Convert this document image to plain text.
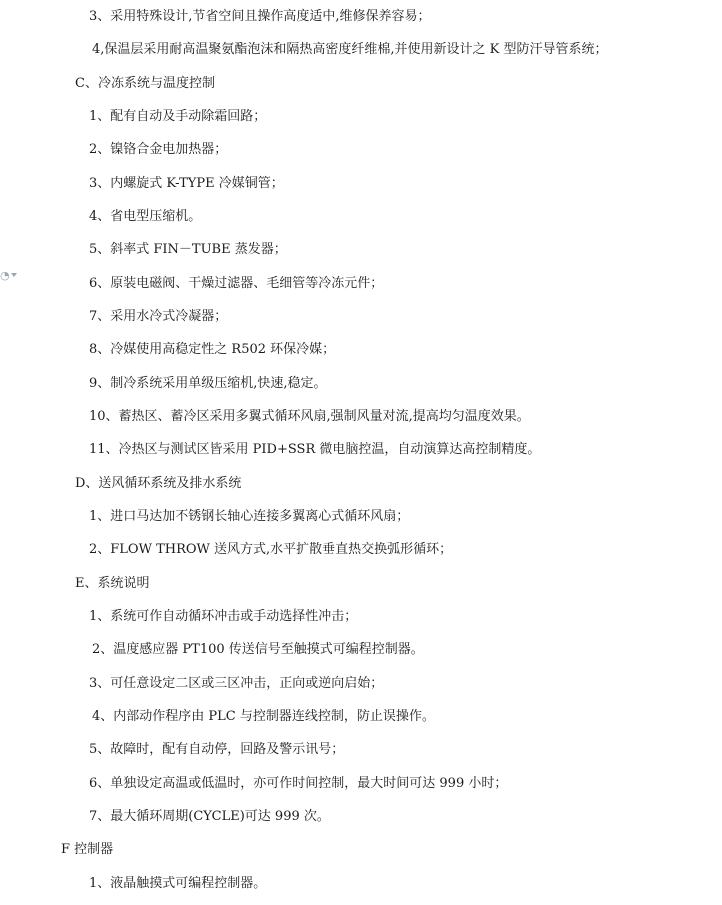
3、采用特殊设计,节省空间且操作高度适中,维修保养容易；
4,保温层采用耐高温聚氨酯泡沫和隔热高密度纤维棉,并使用新设计之 K 型防汗导管系统；
C、冷冻系统与温度控制
1、配有自动及手动除霜回路；
2、镍铬合金电加热器；
3、内螺旋式 K-TYPE 冷媒铜管；
4、省电型压缩机。
5、斜率式 FIN－TUBE 蒸发器；
6、原装电磁阀、干燥过滤器、毛细管等冷冻元件；
7、采用水冷式冷凝器；
8、冷媒使用高稳定性之 R502 环保冷媒；
9、制冷系统采用单级压缩机,快速,稳定。
10、蓄热区、蓄冷区采用多翼式循环风扇,强制风量对流,提高均匀温度效果。
11、冷热区与测试区皆采用 PID+SSR 微电脑控温，自动演算达高控制精度。
D、送风循环系统及排水系统
1、进口马达加不锈钢长轴心连接多翼离心式循环风扇；
2、FLOW THROW 送风方式,水平扩散垂直热交换弧形循环；
E、系统说明
1、系统可作自动循环冲击或手动选择性冲击；
2、温度感应器 PT100 传送信号至触摸式可编程控制器。
3、可任意设定二区或三区冲击，正向或逆向启始；
4、内部动作程序由 PLC 与控制器连线控制，防止误操作。
5、故障时，配有自动停，回路及警示讯号；
6、单独设定高温或低温时，亦可作时间控制，最大时间可达 999 小时；
7、最大循环周期(CYCLE)可达 999 次。
F 控制器
1、液晶触摸式可编程控制器。
◔
